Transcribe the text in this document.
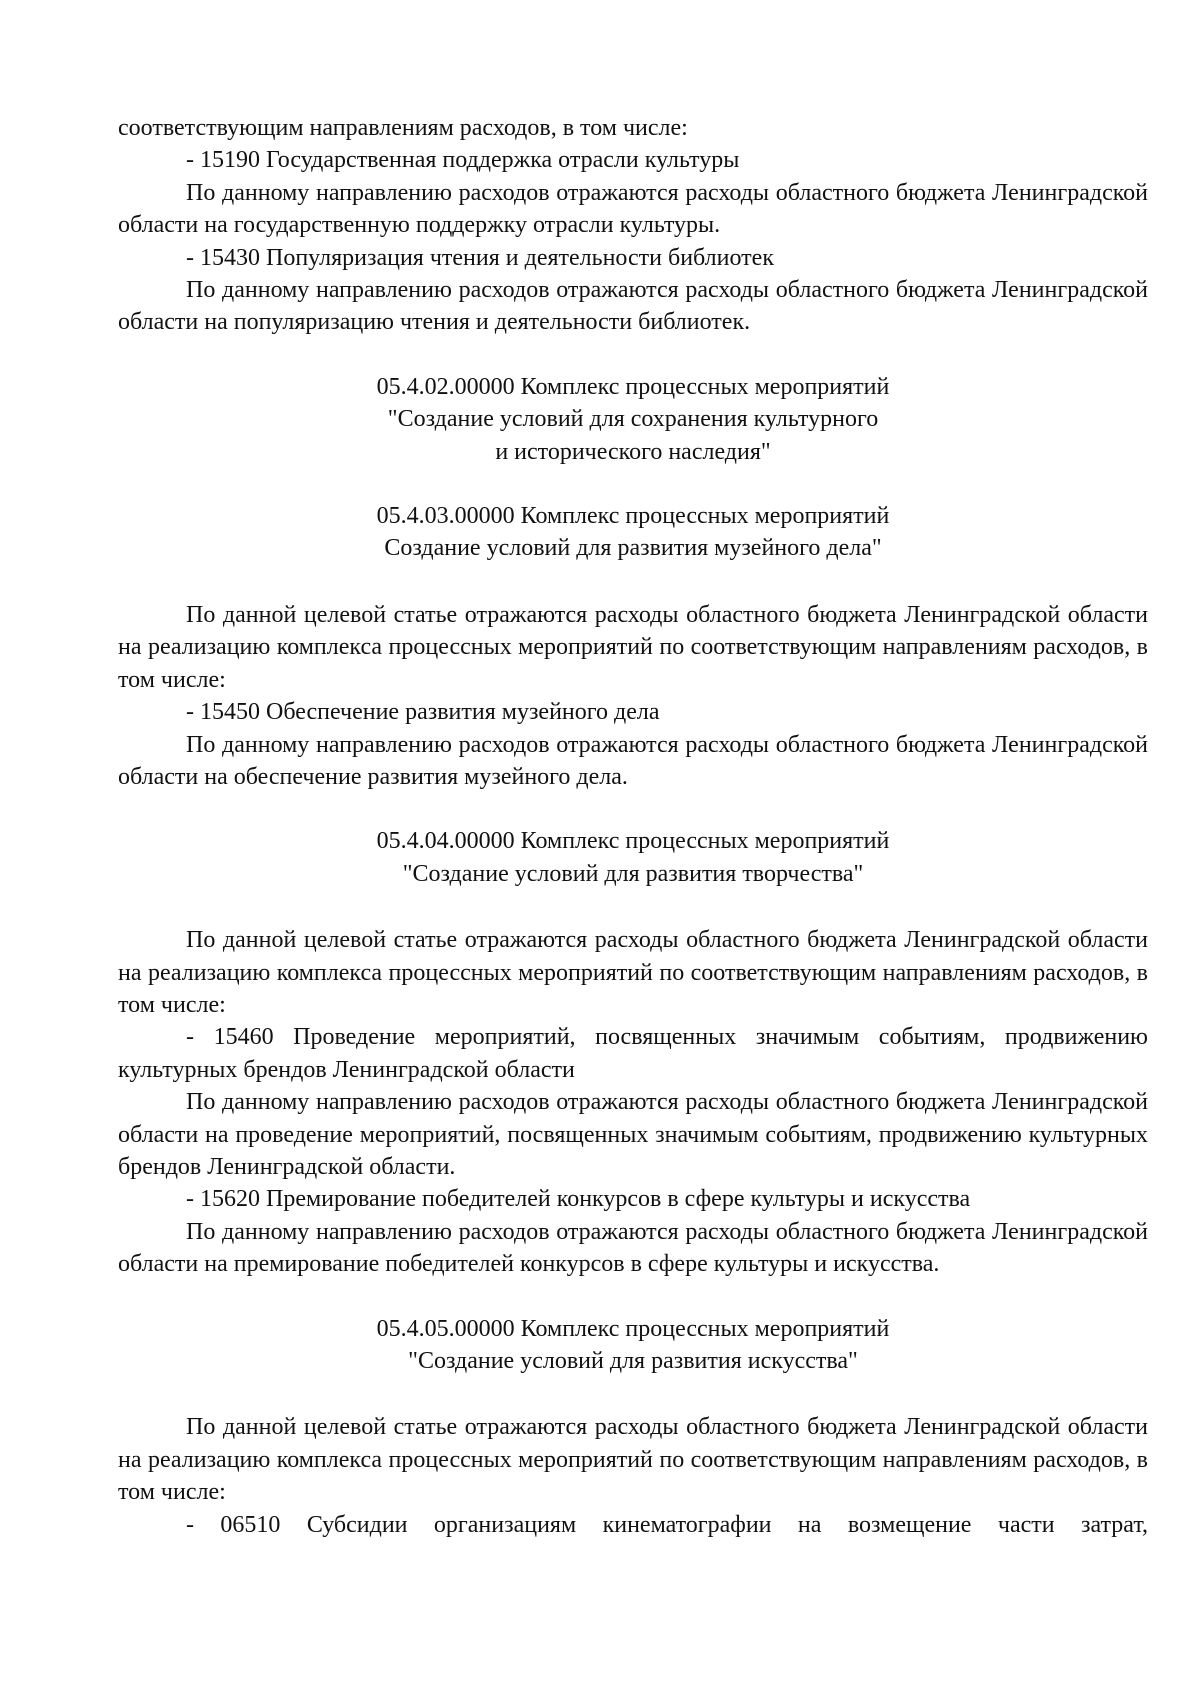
соответствующим направлениям расходов, в том числе:

- 15190 Государственная поддержка отрасли культуры

По данному направлению расходов отражаются расходы областного бюджета Ленинградской области на государственную поддержку отрасли культуры.

- 15430 Популяризация чтения и деятельности библиотек

По данному направлению расходов отражаются расходы областного бюджета Ленинградской области на популяризацию чтения и деятельности библиотек.

05.4.02.00000 Комплекс процессных мероприятий
"Создание условий для сохранения культурного
и исторического наследия"
05.4.03.00000 Комплекс процессных мероприятий
Создание условий для развития музейного дела"

По данной целевой статье отражаются расходы областного бюджета Ленинградской области на реализацию комплекса процессных мероприятий по соответствующим направлениям расходов, в том числе:

- 15450 Обеспечение развития музейного дела

По данному направлению расходов отражаются расходы областного бюджета Ленинградской области на обеспечение развития музейного дела.

05.4.04.00000 Комплекс процессных мероприятий
"Создание условий для развития творчества"

По данной целевой статье отражаются расходы областного бюджета Ленинградской области на реализацию комплекса процессных мероприятий по соответствующим направлениям расходов, в том числе:

- 15460 Проведение мероприятий, посвященных значимым событиям, продвижению культурных брендов Ленинградской области

По данному направлению расходов отражаются расходы областного бюджета Ленинградской области на проведение мероприятий, посвященных значимым событиям, продвижению культурных брендов Ленинградской области.

- 15620 Премирование победителей конкурсов в сфере культуры и искусства

По данному направлению расходов отражаются расходы областного бюджета Ленинградской области на премирование победителей конкурсов в сфере культуры и искусства.

05.4.05.00000 Комплекс процессных мероприятий
"Создание условий для развития искусства"

По данной целевой статье отражаются расходы областного бюджета Ленинградской области на реализацию комплекса процессных мероприятий по соответствующим направлениям расходов, в том числе:

- 06510 Субсидии организациям кинематографии на возмещение части затрат,
